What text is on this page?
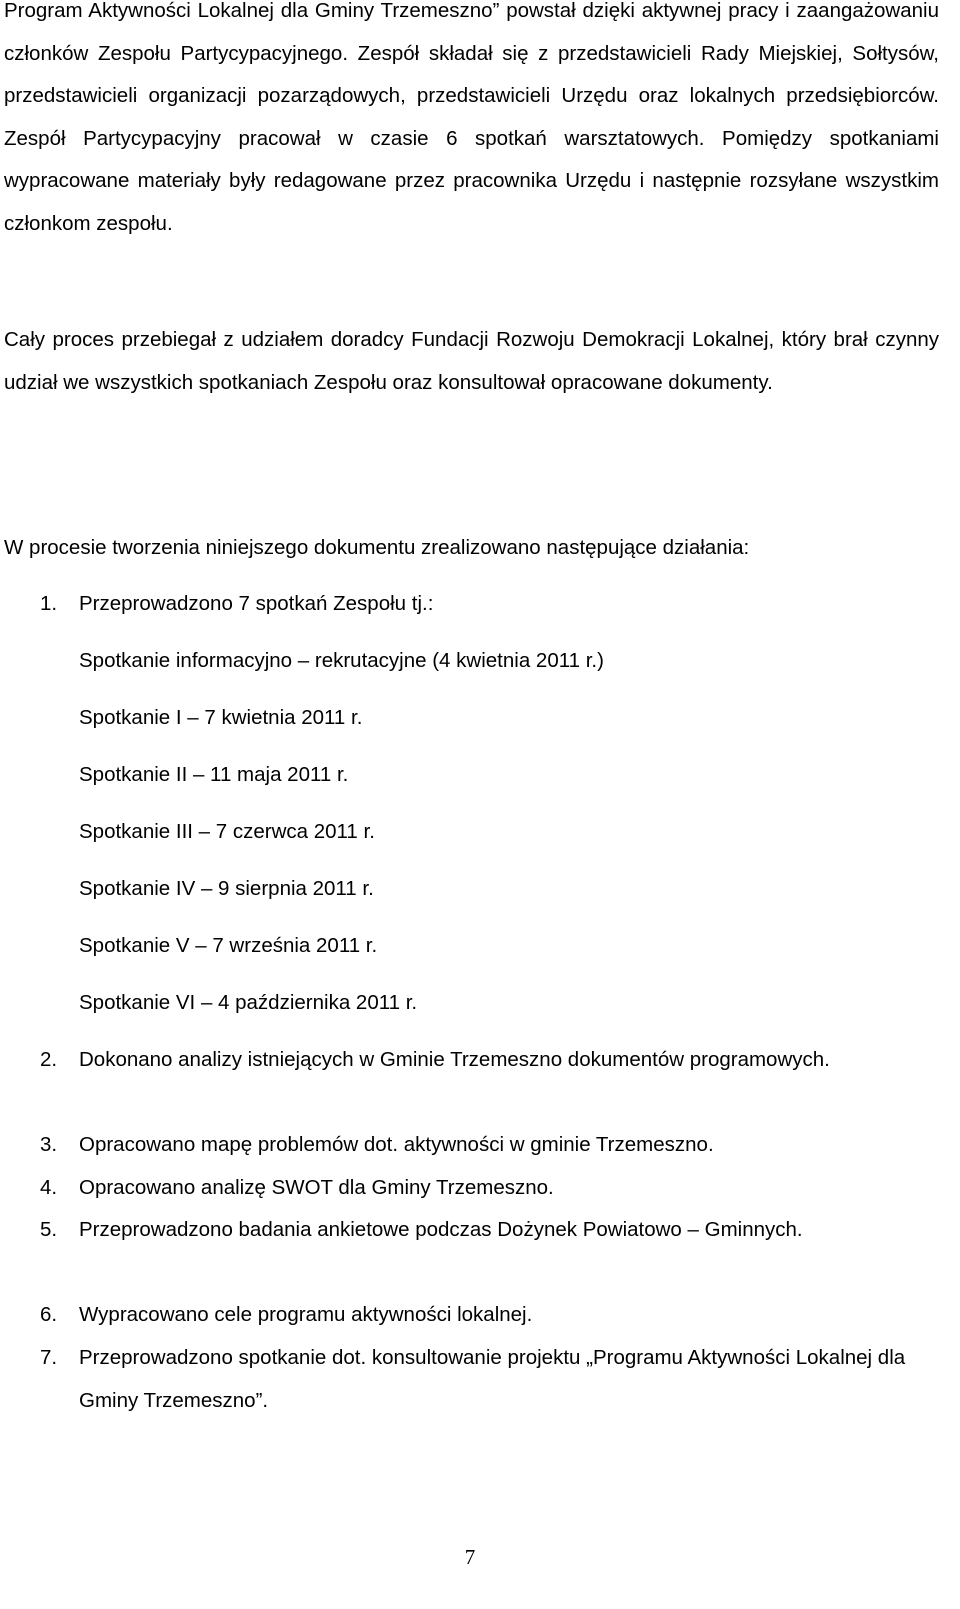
Program Aktywności Lokalnej dla Gminy Trzemeszno” powstał dzięki aktywnej pracy i zaangażowaniu członków Zespołu Partycypacyjnego. Zespół składał się z przedstawicieli Rady Miejskiej, Sołtysów, przedstawicieli organizacji pozarządowych, przedstawicieli Urzędu oraz lokalnych przedsiębiorców. Zespół Partycypacyjny pracował w czasie 6 spotkań warsztatowych. Pomiędzy spotkaniami wypracowane materiały były redagowane przez pracownika Urzędu i następnie rozsyłane wszystkim członkom zespołu.

Cały proces przebiegał z udziałem doradcy Fundacji Rozwoju Demokracji Lokalnej, który brał czynny udział we wszystkich spotkaniach Zespołu oraz konsultował opracowane dokumenty.

W procesie tworzenia niniejszego dokumentu zrealizowano następujące działania:

1. Przeprowadzono 7 spotkań Zespołu tj.:
Spotkanie informacyjno – rekrutacyjne (4 kwietnia 2011 r.)
Spotkanie I – 7 kwietnia 2011 r.
Spotkanie II – 11 maja 2011 r.
Spotkanie III – 7 czerwca 2011 r.
Spotkanie IV – 9 sierpnia 2011 r.
Spotkanie V – 7 września 2011 r.
Spotkanie VI – 4 października 2011 r.
2. Dokonano analizy istniejących w Gminie Trzemeszno dokumentów programowych.
3. Opracowano mapę problemów dot. aktywności w gminie Trzemeszno.
4. Opracowano analizę SWOT dla Gminy Trzemeszno.
5. Przeprowadzono badania ankietowe podczas Dożynek Powiatowo – Gminnych.
6. Wypracowano cele programu aktywności lokalnej.
7. Przeprowadzono spotkanie dot. konsultowanie projektu „Programu Aktywności Lokalnej dla Gminy Trzemeszno”.
7
